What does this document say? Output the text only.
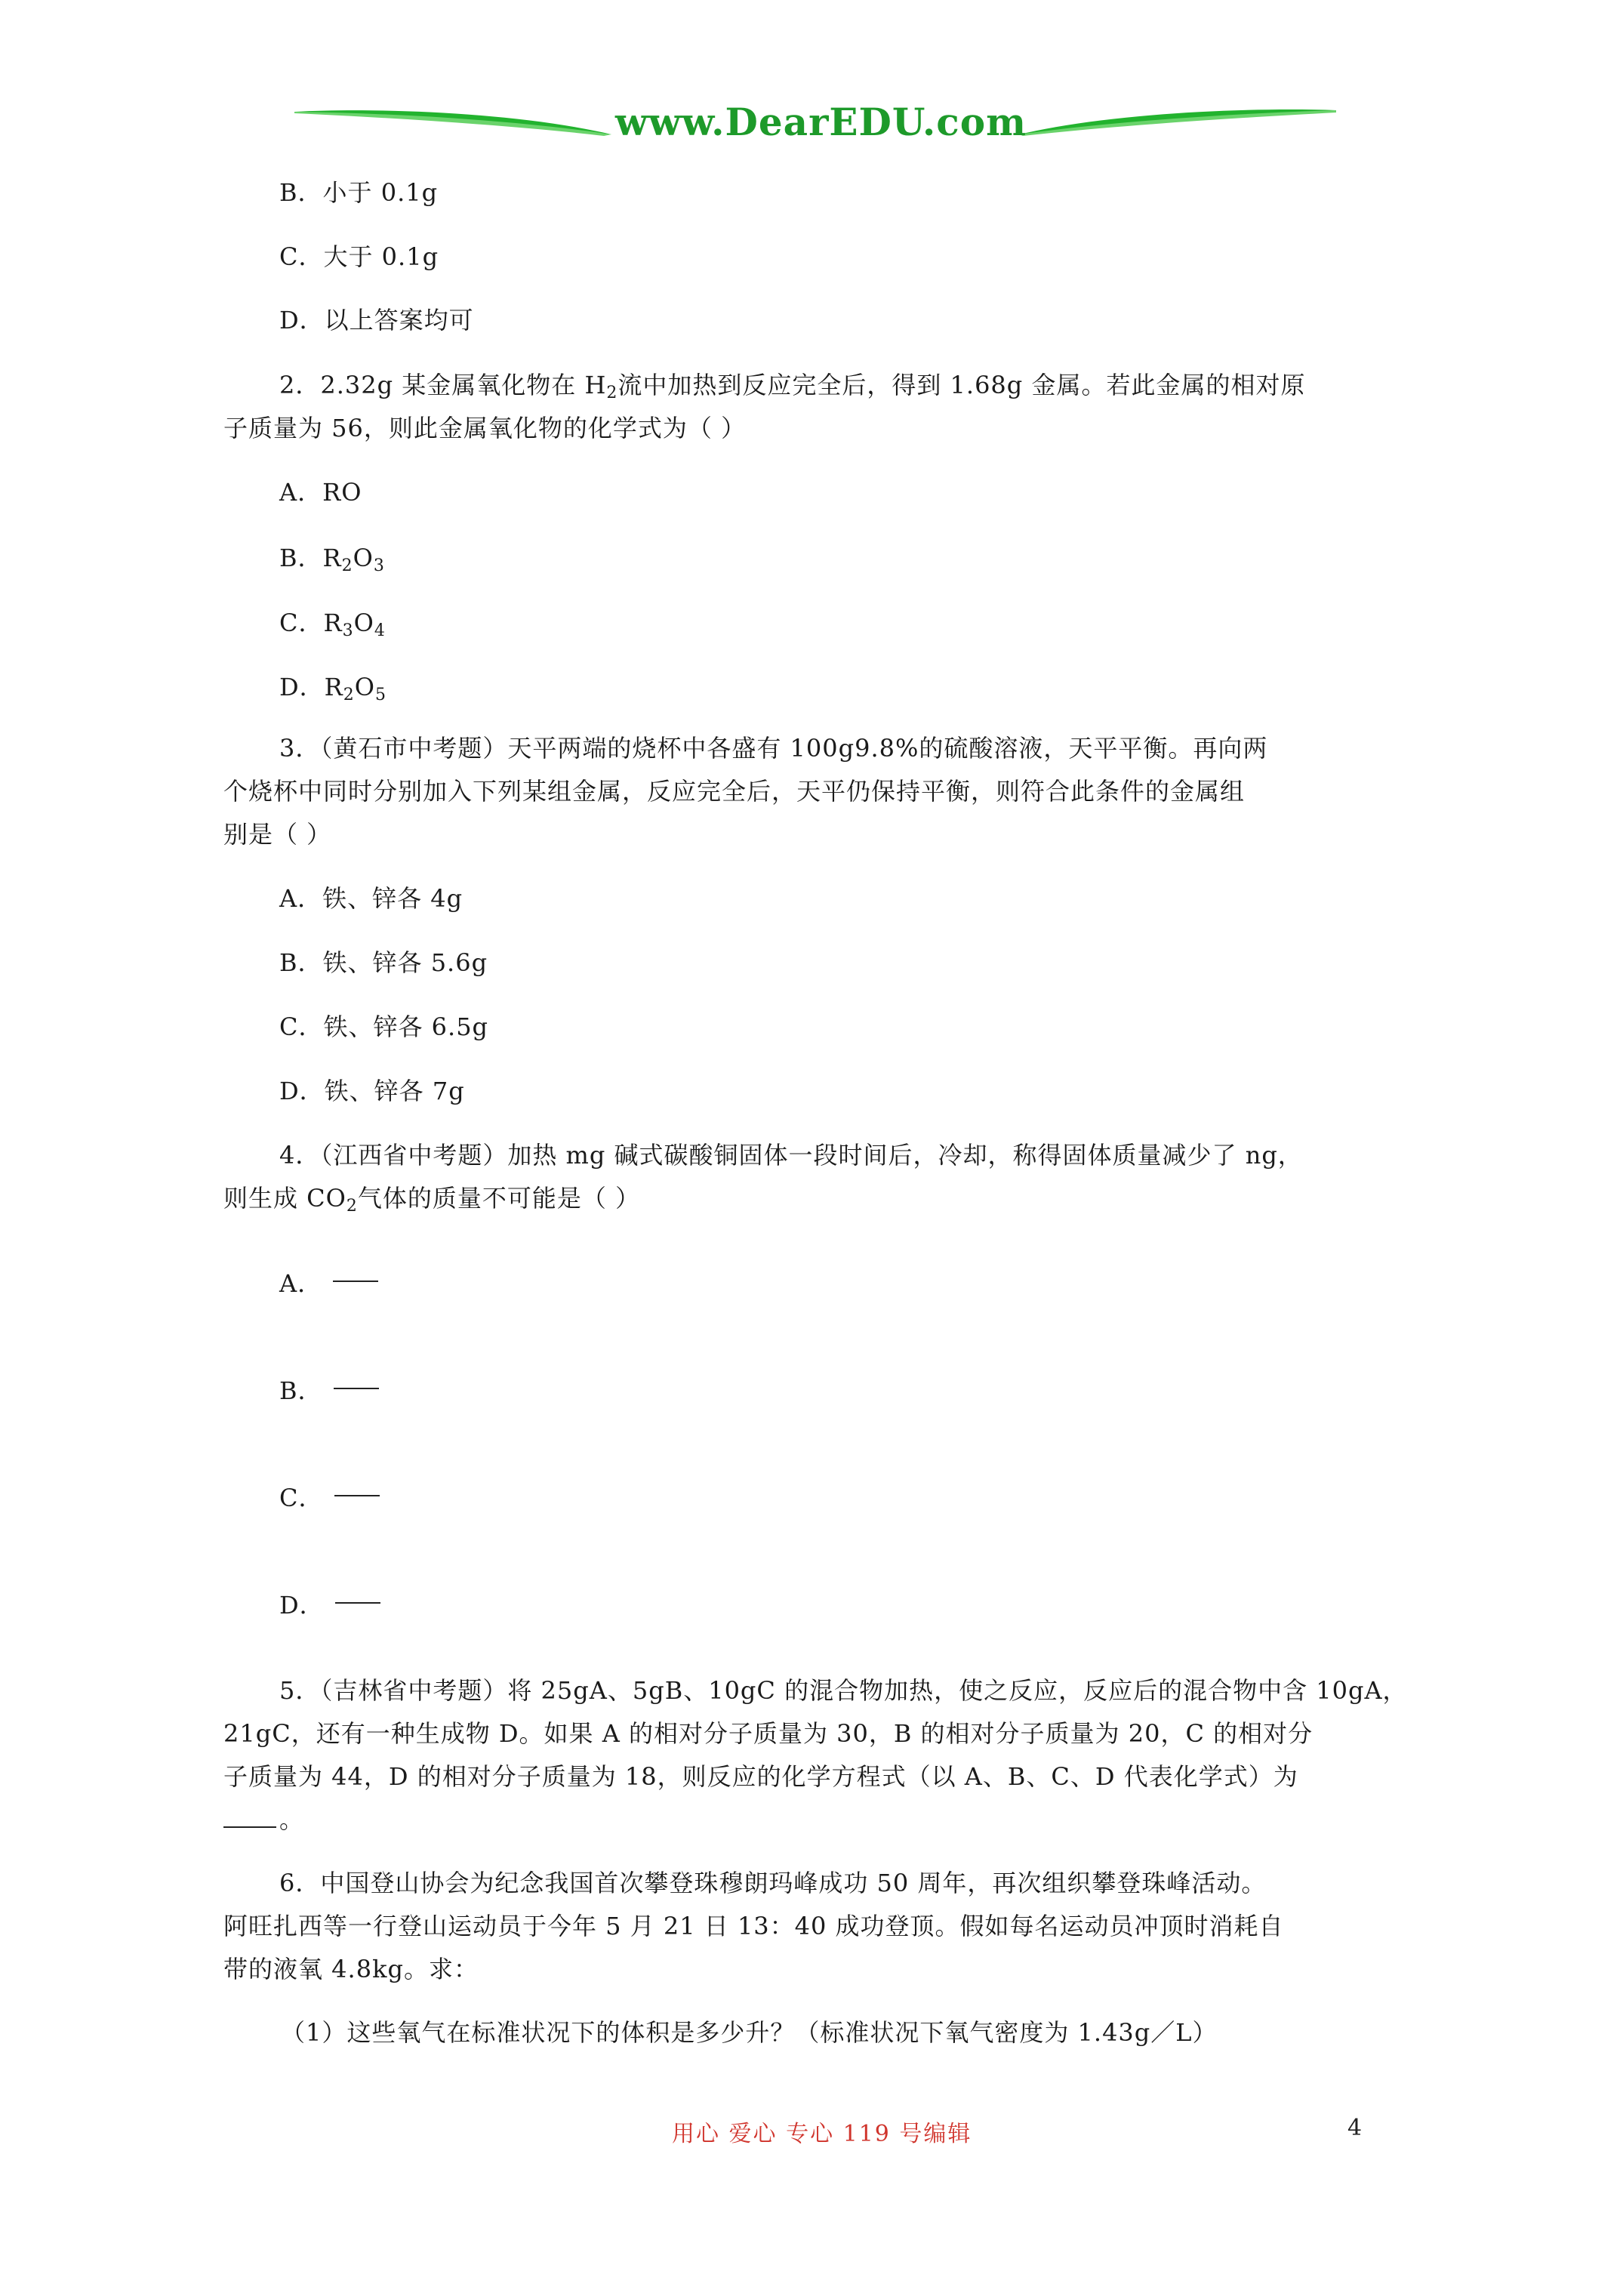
www.DearEDU.com
B．小于 0.1g
C．大于 0.1g
D．以上答案均可
2．2.32g 某金属氧化物在 $H_2$流中加热到反应完全后，得到 1.68g 金属。若此金属的相对原
子质量为 56，则此金属氧化物的化学式为（ ）
A．RO
B．$R_2O_3$
C．$R_3O_4$
D．$R_2O_5$
3．（黄石市中考题）天平两端的烧杯中各盛有 100g9.8%的硫酸溶液，天平平衡。再向两
个烧杯中同时分别加入下列某组金属，反应完全后，天平仍保持平衡，则符合此条件的金属组
别是（ ）
A．铁、锌各 4g
B．铁、锌各 5.6g
C．铁、锌各 6.5g
D．铁、锌各 7g
4．（江西省中考题）加热 mg 碱式碳酸铜固体一段时间后，冷却，称得固体质量减少了 ng，
则生成 $CO_2$气体的质量不可能是（ ）
A．
B．
C．
D．
5．（吉林省中考题）将 25gA、5gB、10gC 的混合物加热，使之反应，反应后的混合物中含 10gA，
21gC，还有一种生成物 D。如果 A 的相对分子质量为 30，B 的相对分子质量为 20，C 的相对分
子质量为 44，D 的相对分子质量为 18，则反应的化学方程式（以 A、B、C、D 代表化学式）为
。
6．中国登山协会为纪念我国首次攀登珠穆朗玛峰成功 50 周年，再次组织攀登珠峰活动。
阿旺扎西等一行登山运动员于今年 5 月 21 日 13：40 成功登顶。假如每名运动员冲顶时消耗自
带的液氧 4.8kg。求：
（1）这些氧气在标准状况下的体积是多少升？（标准状况下氧气密度为 1.43g／L）
用心 爱心 专心 119 号编辑	4
